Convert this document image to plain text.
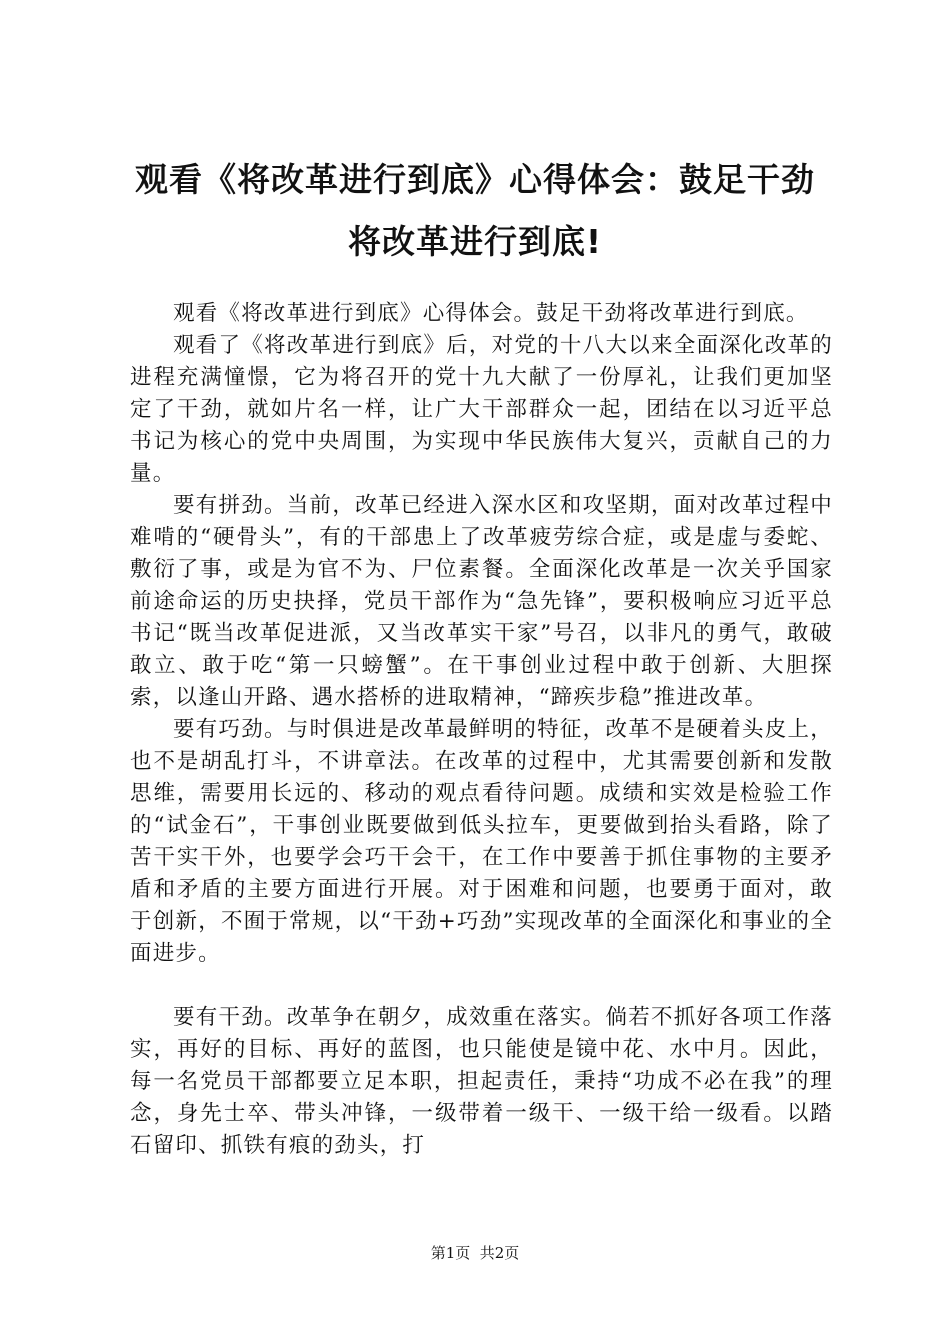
观看《将改革进行到底》心得体会：鼓足干劲
将改革进行到底!

观看《将改革进行到底》心得体会。鼓足干劲将改革进行到底。

观看了《将改革进行到底》后，对党的十八大以来全面深化改革的进程充满憧憬，它为将召开的党十九大献了一份厚礼，让我们更加坚定了干劲，就如片名一样，让广大干部群众一起，团结在以习近平总书记为核心的党中央周围，为实现中华民族伟大复兴，贡献自己的力量。

要有拼劲。当前，改革已经进入深水区和攻坚期，面对改革过程中难啃的“硬骨头”，有的干部患上了改革疲劳综合症，或是虚与委蛇、敷衍了事，或是为官不为、尸位素餐。全面深化改革是一次关乎国家前途命运的历史抉择，党员干部作为“急先锋”，要积极响应习近平总书记“既当改革促进派，又当改革实干家”号召，以非凡的勇气，敢破敢立、敢于吃“第一只螃蟹”。在干事创业过程中敢于创新、大胆探索，以逢山开路、遇水搭桥的进取精神，“蹄疾步稳”推进改革。

要有巧劲。与时俱进是改革最鲜明的特征，改革不是硬着头皮上，也不是胡乱打斗，不讲章法。在改革的过程中，尤其需要创新和发散思维，需要用长远的、移动的观点看待问题。成绩和实效是检验工作的“试金石”，干事创业既要做到低头拉车，更要做到抬头看路，除了苦干实干外，也要学会巧干会干，在工作中要善于抓住事物的主要矛盾和矛盾的主要方面进行开展。对于困难和问题，也要勇于面对，敢于创新，不囿于常规，以“干劲+巧劲”实现改革的全面深化和事业的全面进步。

要有干劲。改革争在朝夕，成效重在落实。倘若不抓好各项工作落实，再好的目标、再好的蓝图，也只能使是镜中花、水中月。因此，每一名党员干部都要立足本职，担起责任，秉持“功成不必在我”的理念，身先士卒、带头冲锋，一级带着一级干、一级干给一级看。以踏石留印、抓铁有痕的劲头，打

第1页  共2页
